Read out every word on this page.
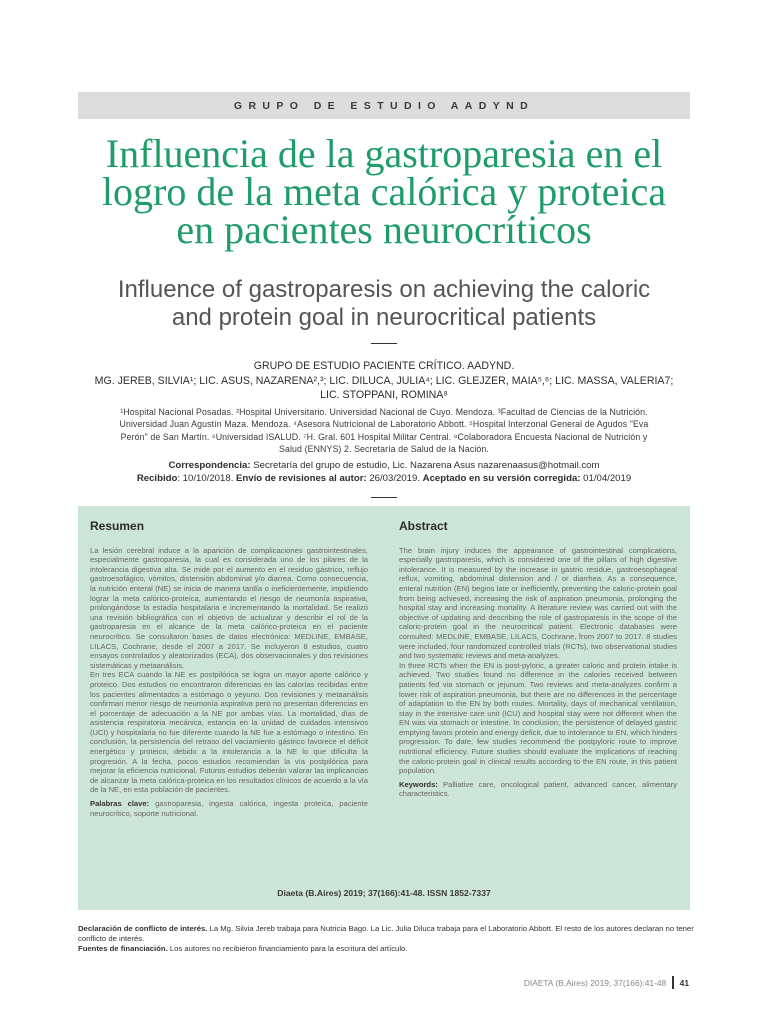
GRUPO DE ESTUDIO AADYND
Influencia de la gastroparesia en el
logro de la meta calórica y proteica
en pacientes neurocríticos
Influence of gastroparesis on achieving the caloric
and protein goal in neurocritical patients
GRUPO DE ESTUDIO PACIENTE CRÍTICO. AADYND.
MG. JEREB, SILVIA¹; LIC. ASUS, NAZARENA²,³; LIC. DILUCA, JULIA⁴; LIC. GLEJZER, MAIA⁵,⁶; LIC. MASSA, VALERIA7;
LIC. STOPPANI, ROMINA⁸
¹Hospital Nacional Posadas. ²Hospital Universitario. Universidad Nacional de Cuyo. Mendoza. ³Facultad de Ciencias de la Nutrición.
Universidad Juan Agustín Maza. Mendoza. ⁴Asesora Nutricional de Laboratorio Abbott. ⁵Hospital Interzonal General de Agudos "Eva
Perón" de San Martín. ⁶Universidad ISALUD. ⁷H. Gral. 601 Hospital Militar Central. ⁸Colaboradora Encuesta Nacional de Nutrición y
Salud (ENNYS) 2. Secretaría de Salud de la Nación.
Correspondencia: Secretaría del grupo de estudio, Lic. Nazarena Asus nazarenaasus@hotmail.com
Recibido: 10/10/2018. Envío de revisiones al autor: 26/03/2019. Aceptado en su versión corregida: 01/04/2019
Resumen

La lesión cerebral induce a la aparición de complicaciones gastrointestinales, especialmente gastroparesia, la cual es considerada uno de los pilares de la intolerancia digestiva alta. Se mide por el aumento en el residuo gástrico, reflujo gastroesofágico, vómitos, distensión abdominal y/o diarrea. Como consecuencia, la nutrición enteral (NE) se inicia de manera tardía o ineficientemente, impidiendo lograr la meta calórico-proteica, aumentando el riesgo de neumonía aspirativa, prolongándose la estadía hospitalaria e incrementando la mortalidad. Se realizó una revisión bibliográfica con el objetivo de actualizar y describir el rol de la gastroparesia en el alcance de la meta calórico-proteica en el paciente neurocrítico. Se consultaron bases de datos electrónica: MEDLINE, EMBASE, LILACS, Cochrane, desde el 2007 a 2017. Se incluyeron 8 estudios, cuatro ensayos controlados y aleatorizados (ECA), dos observacionales y dos revisiones sistemáticas y metaanálisis.

En tres ECA cuando la NE es postpilórica se logra un mayor aporte calórico y proteico. Dos estudios no encontraron diferencias en las calorías recibidas entre los pacientes alimentados a estómago o yeyuno. Dos revisiones y metaanálisis confirman menor riesgo de neumonía aspirativa pero no presentan diferencias en el porcentaje de adecuación a la NE por ambas vías. La mortalidad, días de asistencia respiratoria mecánica, estancia en la unidad de cuidados intensivos (UCI) y hospitalaria no fue diferente cuando la NE fue a estómago o intestino. En conclusión, la persistencia del retraso del vaciamiento gástrico favorece el déficit energético y proteico, debido a la intolerancia a la NE lo que dificulta la progresión. A la fecha, pocos estudios recomiendan la vía postpilórica para mejorar la eficiencia nutricional. Futuros estudios deberán valorar las implicancias de alcanzar la meta calórica-proteica en los resultados clínicos de acuerdo a la vía de la NE, en esta población de pacientes.

Palabras clave: gastroparesia, ingesta calórica, ingesta proteica, paciente neurocrítico, soporte nutricional.

Abstract

The brain injury induces the appearance of gastrointestinal complications, especially gastroparesis, which is considered one of the pillars of high digestive intolerance. It is measured by the increase in gastric residue, gastroesophageal reflux, vomiting, abdominal distension and / or diarrhea. As a consequence, enteral nutrition (EN) begins late or inefficiently, preventing the caloric-protein goal from being achieved, increasing the risk of aspiration pneumonia, prolonging the hospital stay and increasing mortality. A literature review was carried out with the objective of updating and describing the role of gastroparesis in the scope of the caloric-protein goal in the neurocritical patient. Electronic databases were consulted: MEDLINE, EMBASE, LILACS, Cochrane, from 2007 to 2017. 8 studies were included, four randomized controlled trials (RCTs), two observational studies and two systematic reviews and meta-analyzes.

In three RCTs when the EN is post-pyloric, a greater caloric and protein intake is achieved. Two studies found no difference in the calories received between patients fed via stomach or jejunum. Two reviews and meta-analyzes confirm a lower risk of aspiration pneumonia, but there are no differences in the percentage of adaptation to the EN by both routes. Mortality, days of mechanical ventilation, stay in the intensive care unit (ICU) and hospital stay were not different when the EN was via stomach or intestine. In conclusion, the persistence of delayed gastric emptying favors protein and energy deficit, due to intolerance to EN, which hinders progression. To date, few studies recommend the postpyloric route to improve nutritional efficiency. Future studies should evaluate the implications of reaching the caloric-protein goal in clinical results according to the EN route, in this patient population.

Keywords: Palliative care, oncological patient, advanced cancer, alimentary characteristics.

Diaeta (B.Aires) 2019; 37(166):41-48. ISSN 1852-7337
Declaración de conflicto de interés. La Mg. Silvia Jereb trabaja para Nutricia Bago. La Lic. Julia Diluca trabaja para el Laboratorio Abbott. El resto de los autores declaran no tener conflicto de interés.
Fuentes de financiación. Los autores no recibieron financiamiento para la escritura del artículo.
DIAETA (B.Aires) 2019; 37(166):41-48 41
